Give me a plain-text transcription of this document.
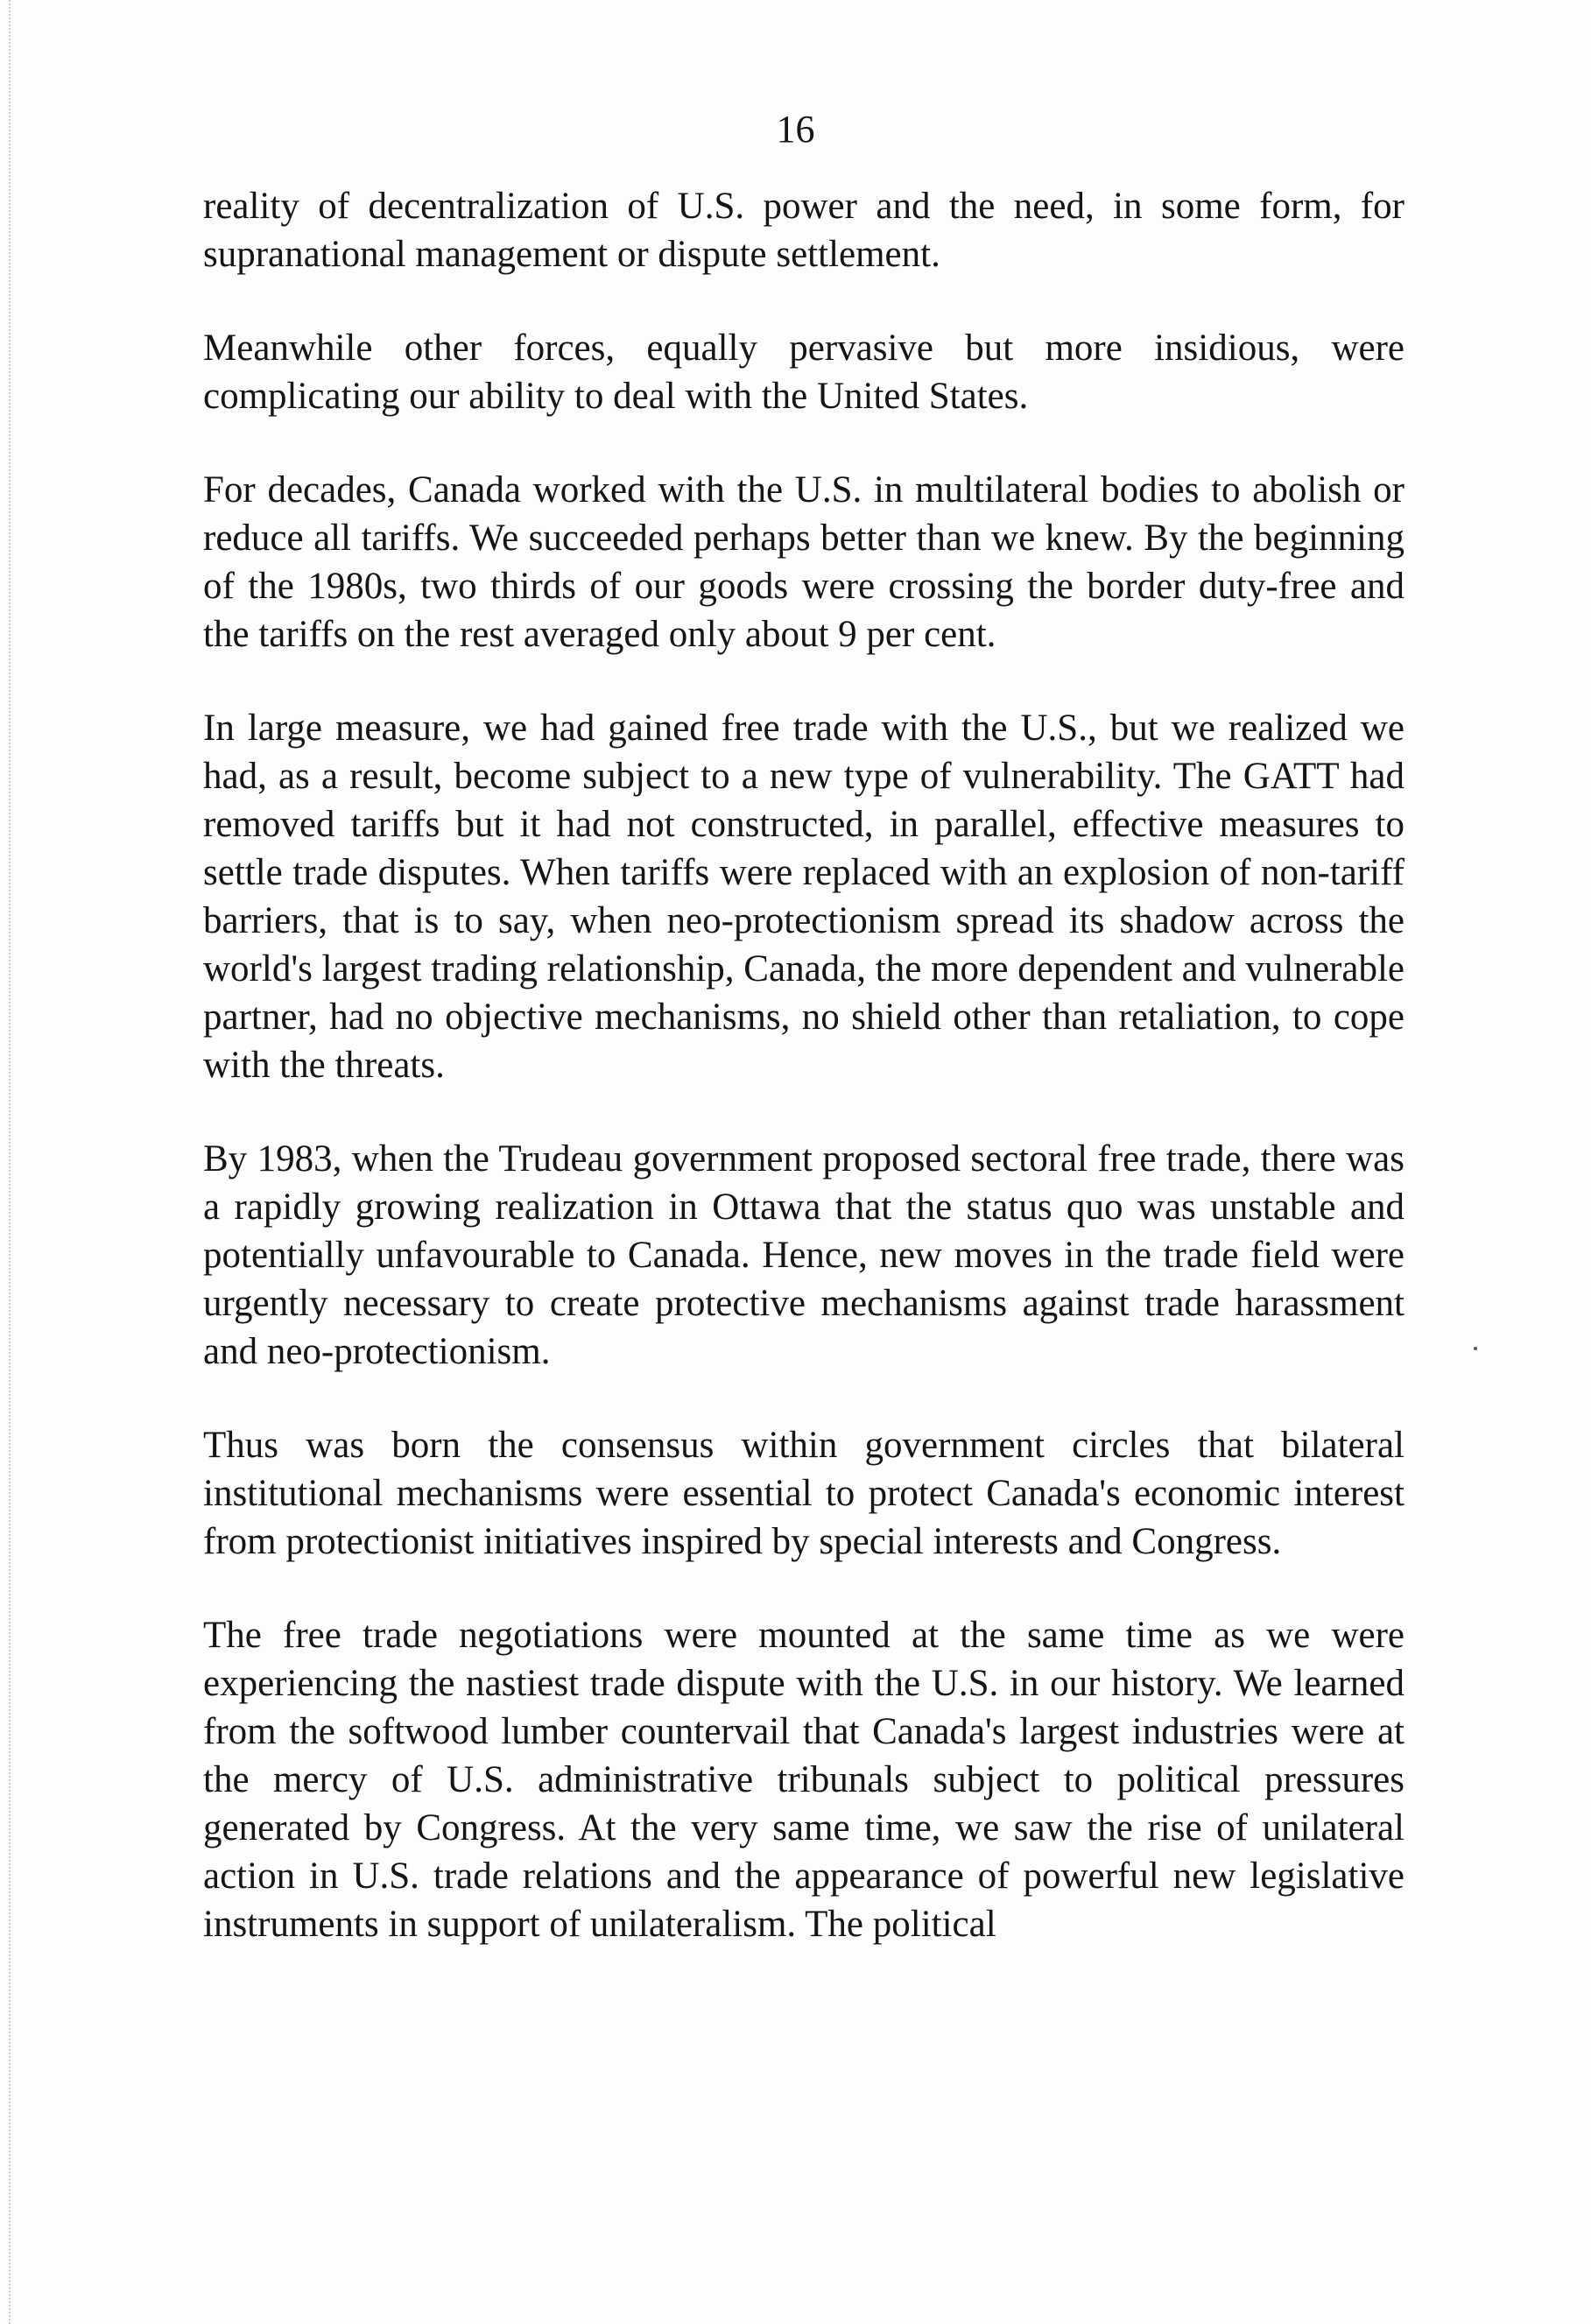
16

reality of decentralization of U.S. power and the need, in some form, for supranational management or dispute settlement.

Meanwhile other forces, equally pervasive but more insidious, were complicating our ability to deal with the United States.

For decades, Canada worked with the U.S. in multilateral bodies to abolish or reduce all tariffs. We succeeded perhaps better than we knew. By the beginning of the 1980s, two thirds of our goods were crossing the border duty-free and the tariffs on the rest averaged only about 9 per cent.

In large measure, we had gained free trade with the U.S., but we realized we had, as a result, become subject to a new type of vulnerability. The GATT had removed tariffs but it had not constructed, in parallel, effective measures to settle trade disputes. When tariffs were replaced with an explosion of non-tariff barriers, that is to say, when neo-protectionism spread its shadow across the world's largest trading relationship, Canada, the more dependent and vulnerable partner, had no objective mechanisms, no shield other than retaliation, to cope with the threats.

By 1983, when the Trudeau government proposed sectoral free trade, there was a rapidly growing realization in Ottawa that the status quo was unstable and potentially unfavourable to Canada. Hence, new moves in the trade field were urgently necessary to create protective mechanisms against trade harassment and neo-protectionism.

Thus was born the consensus within government circles that bilateral institutional mechanisms were essential to protect Canada's economic interest from protectionist initiatives inspired by special interests and Congress.

The free trade negotiations were mounted at the same time as we were experiencing the nastiest trade dispute with the U.S. in our history. We learned from the softwood lumber countervail that Canada's largest industries were at the mercy of U.S. administrative tribunals subject to political pressures generated by Congress. At the very same time, we saw the rise of unilateral action in U.S. trade relations and the appearance of powerful new legislative instruments in support of unilateralism. The political
